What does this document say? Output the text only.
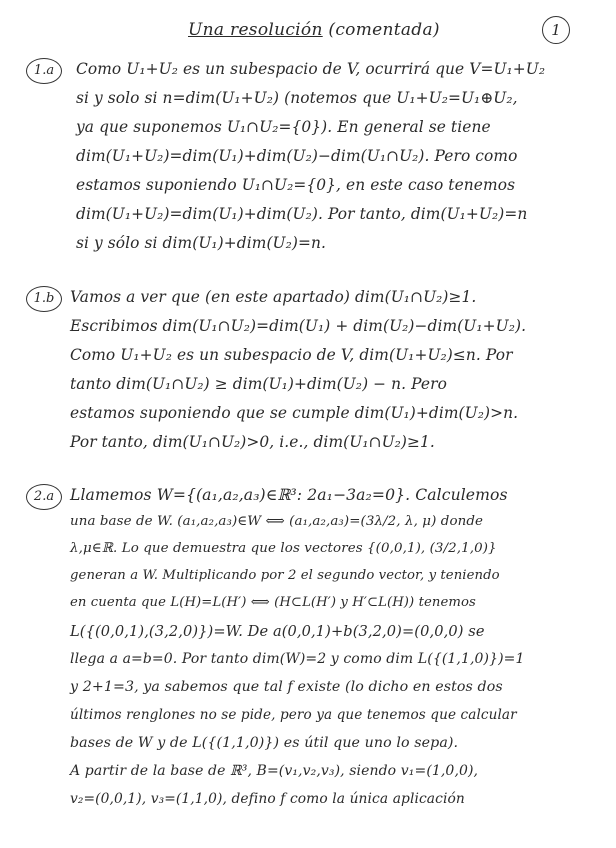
Una resolución (comentada)	1
1.a	Como U₁+U₂ es un subespacio de V, ocurrirá que V=U₁+U₂
si y solo si n=dim(U₁+U₂) (notemos que U₁+U₂=U₁⊕U₂,
ya que suponemos U₁∩U₂={0}). En general se tiene
dim(U₁+U₂)=dim(U₁)+dim(U₂)−dim(U₁∩U₂). Pero como
estamos suponiendo U₁∩U₂={0}, en este caso tenemos
dim(U₁+U₂)=dim(U₁)+dim(U₂). Por tanto, dim(U₁+U₂)=n
si y sólo si dim(U₁)+dim(U₂)=n.
1.b	Vamos a ver que (en este apartado) dim(U₁∩U₂)≥1.
Escribimos dim(U₁∩U₂)=dim(U₁) + dim(U₂)−dim(U₁+U₂).
Como U₁+U₂ es un subespacio de V, dim(U₁+U₂)≤n. Por
tanto dim(U₁∩U₂) ≥ dim(U₁)+dim(U₂) − n. Pero
estamos suponiendo que se cumple dim(U₁)+dim(U₂)>n.
Por tanto, dim(U₁∩U₂)>0, i.e., dim(U₁∩U₂)≥1.
2.a	Llamemos W={(a₁,a₂,a₃)∈ℝ³: 2a₁−3a₂=0}. Calculemos
una base de W. (a₁,a₂,a₃)∈W ⟺ (a₁,a₂,a₃)=(3λ/2, λ, μ) donde
λ,μ∈ℝ. Lo que demuestra que los vectores {(0,0,1), (3/2,1,0)}
generan a W. Multiplicando por 2 el segundo vector, y teniendo
en cuenta que L(H)=L(H′) ⟺ (H⊂L(H′) y H′⊂L(H)) tenemos
L({(0,0,1),(3,2,0)})=W. De a(0,0,1)+b(3,2,0)=(0,0,0) se
llega a a=b=0. Por tanto dim(W)=2 y como dim L({(1,1,0)})=1
y 2+1=3, ya sabemos que tal f existe (lo dicho en estos dos
últimos renglones no se pide, pero ya que tenemos que calcular
bases de W y de L({(1,1,0)}) es útil que uno lo sepa).
A partir de la base de ℝ³, B=(v₁,v₂,v₃), siendo v₁=(1,0,0),
v₂=(0,0,1), v₃=(1,1,0), defino f como la única aplicación
